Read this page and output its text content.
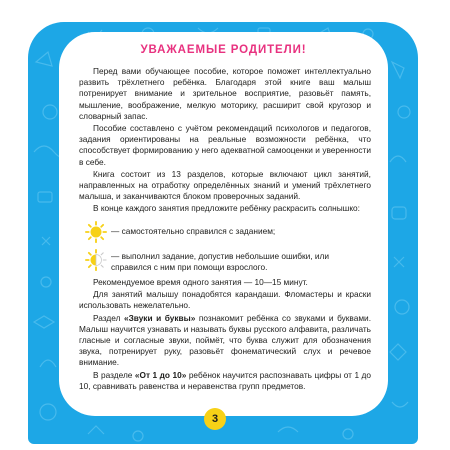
УВАЖАЕМЫЕ РОДИТЕЛИ!

Перед вами обучающее пособие, которое поможет интеллектуально развить трёхлетнего ребёнка. Благодаря этой книге ваш малыш потренирует внимание и зрительное восприятие, разовьёт память, мышление, воображение, мелкую моторику, расширит свой кругозор и словарный запас.

Пособие составлено с учётом рекомендаций психологов и педагогов, задания ориентированы на реальные возможности ребёнка, что способствует формированию у него адекватной самооценки и уверенности в себе.

Книга состоит из 13 разделов, которые включают цикл занятий, направленных на отработку определённых знаний и умений трёхлетнего малыша, и заканчиваются блоком проверочных заданий.

В конце каждого занятия предложите ребёнку раскрасить солнышко:

— самостоятельно справился с заданием;
— выполнил задание, допустив небольшие ошибки, или справился с ним при помощи взрослого.

Рекомендуемое время одного занятия — 10—15 минут.

Для занятий малышу понадобятся карандаши. Фломастеры и краски использовать нежелательно.

Раздел «Звуки и буквы» познакомит ребёнка со звуками и буквами. Малыш научится узнавать и называть буквы русского алфавита, различать гласные и согласные звуки, поймёт, что буква служит для обозначения звука, потренирует руку, разовьёт фонематический слух и речевое внимание.

В разделе «От 1 до 10» ребёнок научится распознавать цифры от 1 до 10, сравнивать равенства и неравенства групп предметов.

3
